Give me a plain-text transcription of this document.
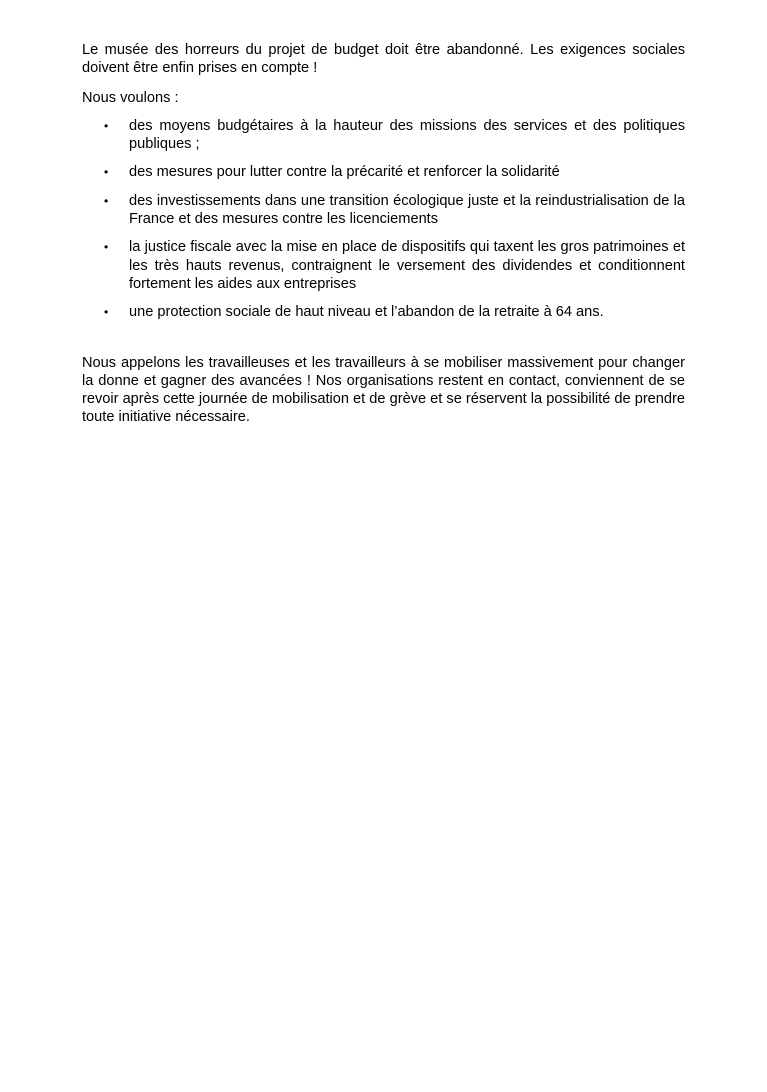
Le musée des horreurs du projet de budget doit être abandonné. Les exigences sociales doivent être enfin prises en compte !

Nous voulons :

•	des moyens budgétaires à la hauteur des missions des services et des politiques publiques ;
•	des mesures pour lutter contre la précarité et renforcer la solidarité
•	des investissements dans une transition écologique juste et la reindustrialisation de la France et des mesures contre les licenciements
•	la justice fiscale avec la mise en place de dispositifs qui taxent les gros patrimoines et les très hauts revenus, contraignent le versement des dividendes et conditionnent fortement les aides aux entreprises
•	une protection sociale de haut niveau et l’abandon de la retraite à 64 ans.

Nous appelons les travailleuses et les travailleurs à se mobiliser massivement pour changer la donne et gagner des avancées ! Nos organisations restent en contact, conviennent de se revoir après cette journée de mobilisation et de grève et se réservent la possibilité de prendre toute initiative nécessaire.
